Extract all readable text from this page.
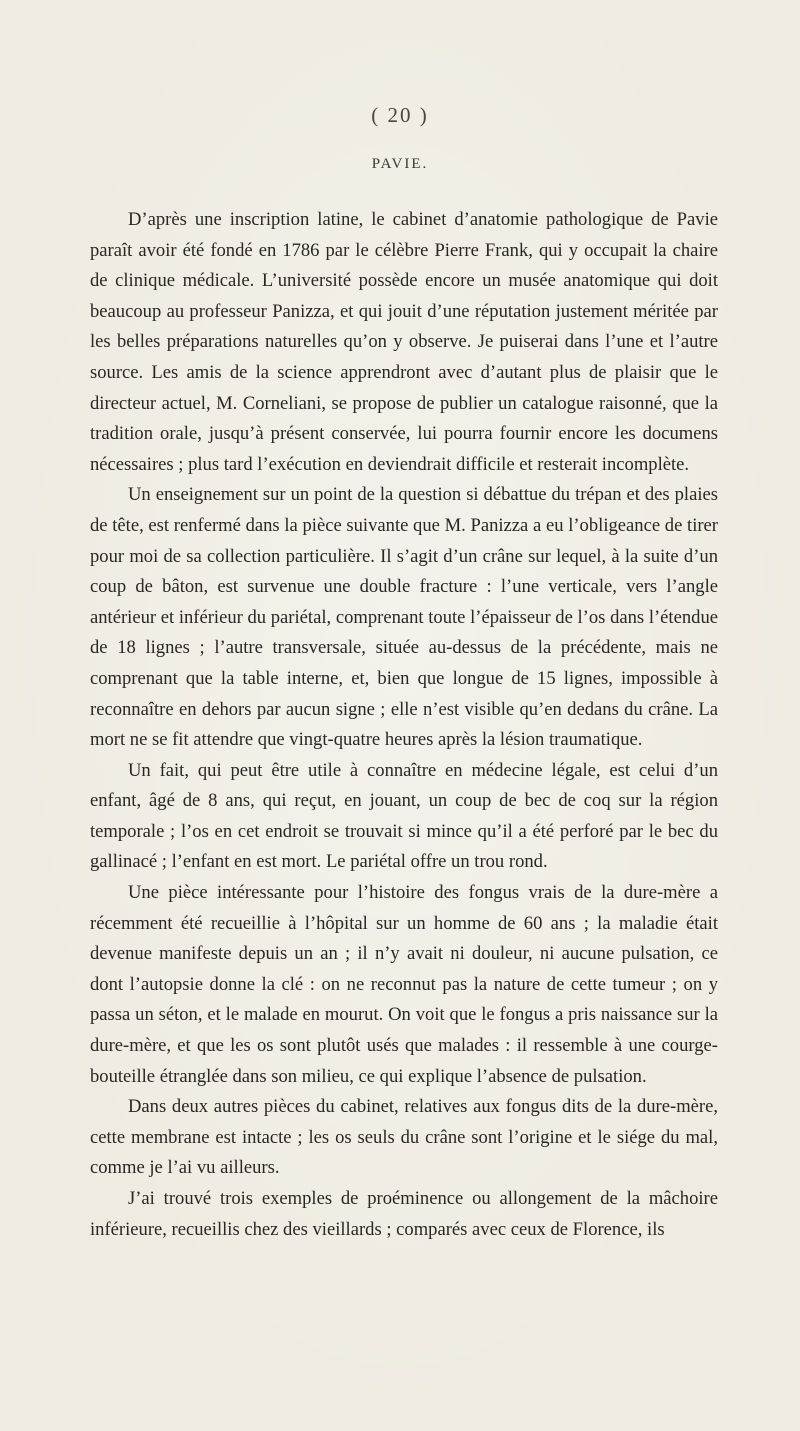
( 20 )
PAVIE.

D’après une inscription latine, le cabinet d’anatomie pathologique de Pavie paraît avoir été fondé en 1786 par le célèbre Pierre Frank, qui y occupait la chaire de clinique médicale. L’université possède encore un musée anatomique qui doit beaucoup au professeur Panizza, et qui jouit d’une réputation justement méritée par les belles préparations naturelles qu’on y observe. Je puiserai dans l’une et l’autre source. Les amis de la science apprendront avec d’autant plus de plaisir que le directeur actuel, M. Corneliani, se propose de publier un catalogue raisonné, que la tradition orale, jusqu’à présent conservée, lui pourra fournir encore les documens nécessaires ; plus tard l’exécution en deviendrait difficile et resterait incomplète.

Un enseignement sur un point de la question si débattue du trépan et des plaies de tête, est renfermé dans la pièce suivante que M. Panizza a eu l’obligeance de tirer pour moi de sa collection particulière. Il s’agit d’un crâne sur lequel, à la suite d’un coup de bâton, est survenue une double fracture : l’une verticale, vers l’angle antérieur et inférieur du pariétal, comprenant toute l’épaisseur de l’os dans l’étendue de 18 lignes ; l’autre transversale, située au-dessus de la précédente, mais ne comprenant que la table interne, et, bien que longue de 15 lignes, impossible à reconnaître en dehors par aucun signe ; elle n’est visible qu’en dedans du crâne. La mort ne se fit attendre que vingt-quatre heures après la lésion traumatique.

Un fait, qui peut être utile à connaître en médecine légale, est celui d’un enfant, âgé de 8 ans, qui reçut, en jouant, un coup de bec de coq sur la région temporale ; l’os en cet endroit se trouvait si mince qu’il a été perforé par le bec du gallinacé ; l’enfant en est mort. Le pariétal offre un trou rond.

Une pièce intéressante pour l’histoire des fongus vrais de la dure-mère a récemment été recueillie à l’hôpital sur un homme de 60 ans ; la maladie était devenue manifeste depuis un an ; il n’y avait ni douleur, ni aucune pulsation, ce dont l’autopsie donne la clé : on ne reconnut pas la nature de cette tumeur ; on y passa un séton, et le malade en mourut. On voit que le fongus a pris naissance sur la dure-mère, et que les os sont plutôt usés que malades : il ressemble à une courge-bouteille étranglée dans son milieu, ce qui explique l’absence de pulsation.

Dans deux autres pièces du cabinet, relatives aux fongus dits de la dure-mère, cette membrane est intacte ; les os seuls du crâne sont l’origine et le siége du mal, comme je l’ai vu ailleurs.

J’ai trouvé trois exemples de proéminence ou allongement de la mâchoire inférieure, recueillis chez des vieillards ; comparés avec ceux de Florence, ils
